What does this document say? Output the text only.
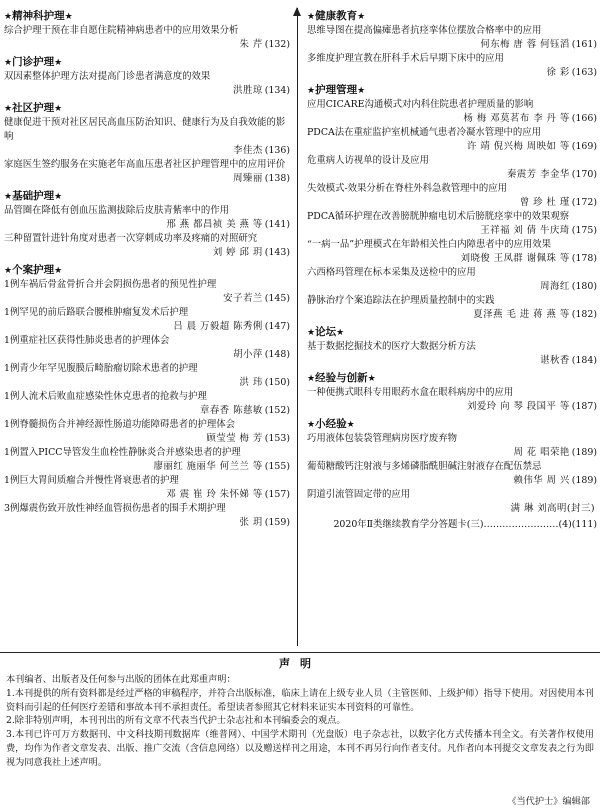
★精神科护理★
综合护理干预在非自愿住院精神病患者中的应用效果分析
朱 芹 (132)
★门诊护理★
双因素整体护理方法对提高门诊患者满意度的效果
洪胜琼 (134)
★社区护理★
健康促进干预对社区居民高血压防治知识、健康行为及自我效能的影响
李佳杰 (136)
家庭医生签约服务在实施老年高血压患者社区护理管理中的应用评价
周臻丽 (138)
★基础护理★
品管圈在降低有创血压监测拔除后皮肤青紫率中的作用
邢 燕 都昌祯 美 燕 等 (141)
三种留置针进针角度对患者一次穿刺成功率及疼痛的对照研究
刘 婷 邱 玥 (143)
★个案护理★
1例车祸后骨盆骨折合并会阴损伤患者的预见性护理
安子若兰 (145)
1例罕见的前后路联合腰椎肿瘤复发术后护理
吕 晨 万毅超 陈秀俐 (147)
1例重症社区获得性肺炎患者的护理体会
胡小萍 (148)
1例青少年罕见腹膜后畸胎瘤切除术患者的护理
洪 玮 (150)
1例人流术后败血症感染性休克患者的抢救与护理
章春香 陈慈敏 (152)
1例脊髓损伤合并神经源性肠道功能障碍患者的护理体会
顾莹莹 梅 芳 (153)
1例置入PICC导管发生血栓性静脉炎合并感染患者的护理
廖丽红 施丽华 何兰兰 等 (155)
1例巨大胃间质瘤合并慢性肾衰患者的护理
邓 震 崔 玲 朱怀娣 等 (157)
3例爆震伤致开放性神经血管损伤患者的围手术期护理
张 玥 (159)
★健康教育★
思维导图在提高偏瘫患者抗痉挛体位摆放合格率中的应用
何东梅 唐 蓉 何钰滔 (161)
多维度护理宣教在肝科手术后早期下床中的应用
徐 彩 (163)
★护理管理★
应用CICARE沟通模式对内科住院患者护理质量的影响
杨 梅 邓莫茗布 李 丹 等 (166)
PDCA法在重症监护室机械通气患者冷凝水管理中的应用
许 靖 倪兴梅 周映如 等 (169)
危重病人访视单的设计及应用
秦震芳 李金华 (170)
失效模式-效果分析在脊柱外科急救管理中的应用
曾 珍 杜 瑾 (172)
PDCA循环护理在改善膀胱肿瘤电切术后膀胱痉挛中的效果观察
王祥福 刘 倩 牛庆琦 (175)
“一病一品”护理模式在年龄相关性白内障患者中的应用效果
刘晓俊 王凤群 谢佩珠 等 (178)
六西格玛管理在标本采集及送检中的应用
周海红 (180)
静脉治疗个案追踪法在护理质量控制中的实践
夏泽燕 毛 进 蒋 燕 等 (182)
★论坛★
基于数据挖掘技术的医疗大数据分析方法
谌秋香 (184)
★经验与创新★
一种便携式眼科专用眼药水盒在眼科病房中的应用
刘爱玲 向 琴 段国平 等 (187)
★小经验★
巧用液体包装袋管理病房医疗废弃物
周 花 唱荣艳 (189)
葡萄糖酸钙注射液与多烯磷脂酰胆碱注射液存在配伍禁忌
赖伟华 周 兴 (189)
阴道引流管固定带的应用
满 琳 刘高明(封三)
2020年Ⅱ类继续教育学分答题卡(三)……………………(4)(111)
声明
本刊编者、出版者及任何参与出版的团体在此郑重声明：
1.本刊提供的所有资料都是经过严格的审稿程序，并符合出版标准，临床上请在上级专业人员（主管医师、上级护师）指导下使用。对因使用本刊资料而引起的任何医疗差错和事故本刊不承担责任。希望读者参照其它材料来证实本刊资料的可靠性。
2.除非特别声明，本刊刊出的所有文章不代表当代护士杂志社和本刊编委会的观点。
3.本刊已许可万方数据刊、中文科技期刊数据库（维普网）、中国学术期刊（光盘版）电子杂志社，以数字化方式传播本刊全文。有关著作权使用费，均作为作者文章发表、出版、推广交流（含信息网络）以及赠送样刊之用途，本刊不再另行向作者支付。凡作者向本刊提交文章发表之行为即视为同意我社上述声明。
《当代护士》编辑部
